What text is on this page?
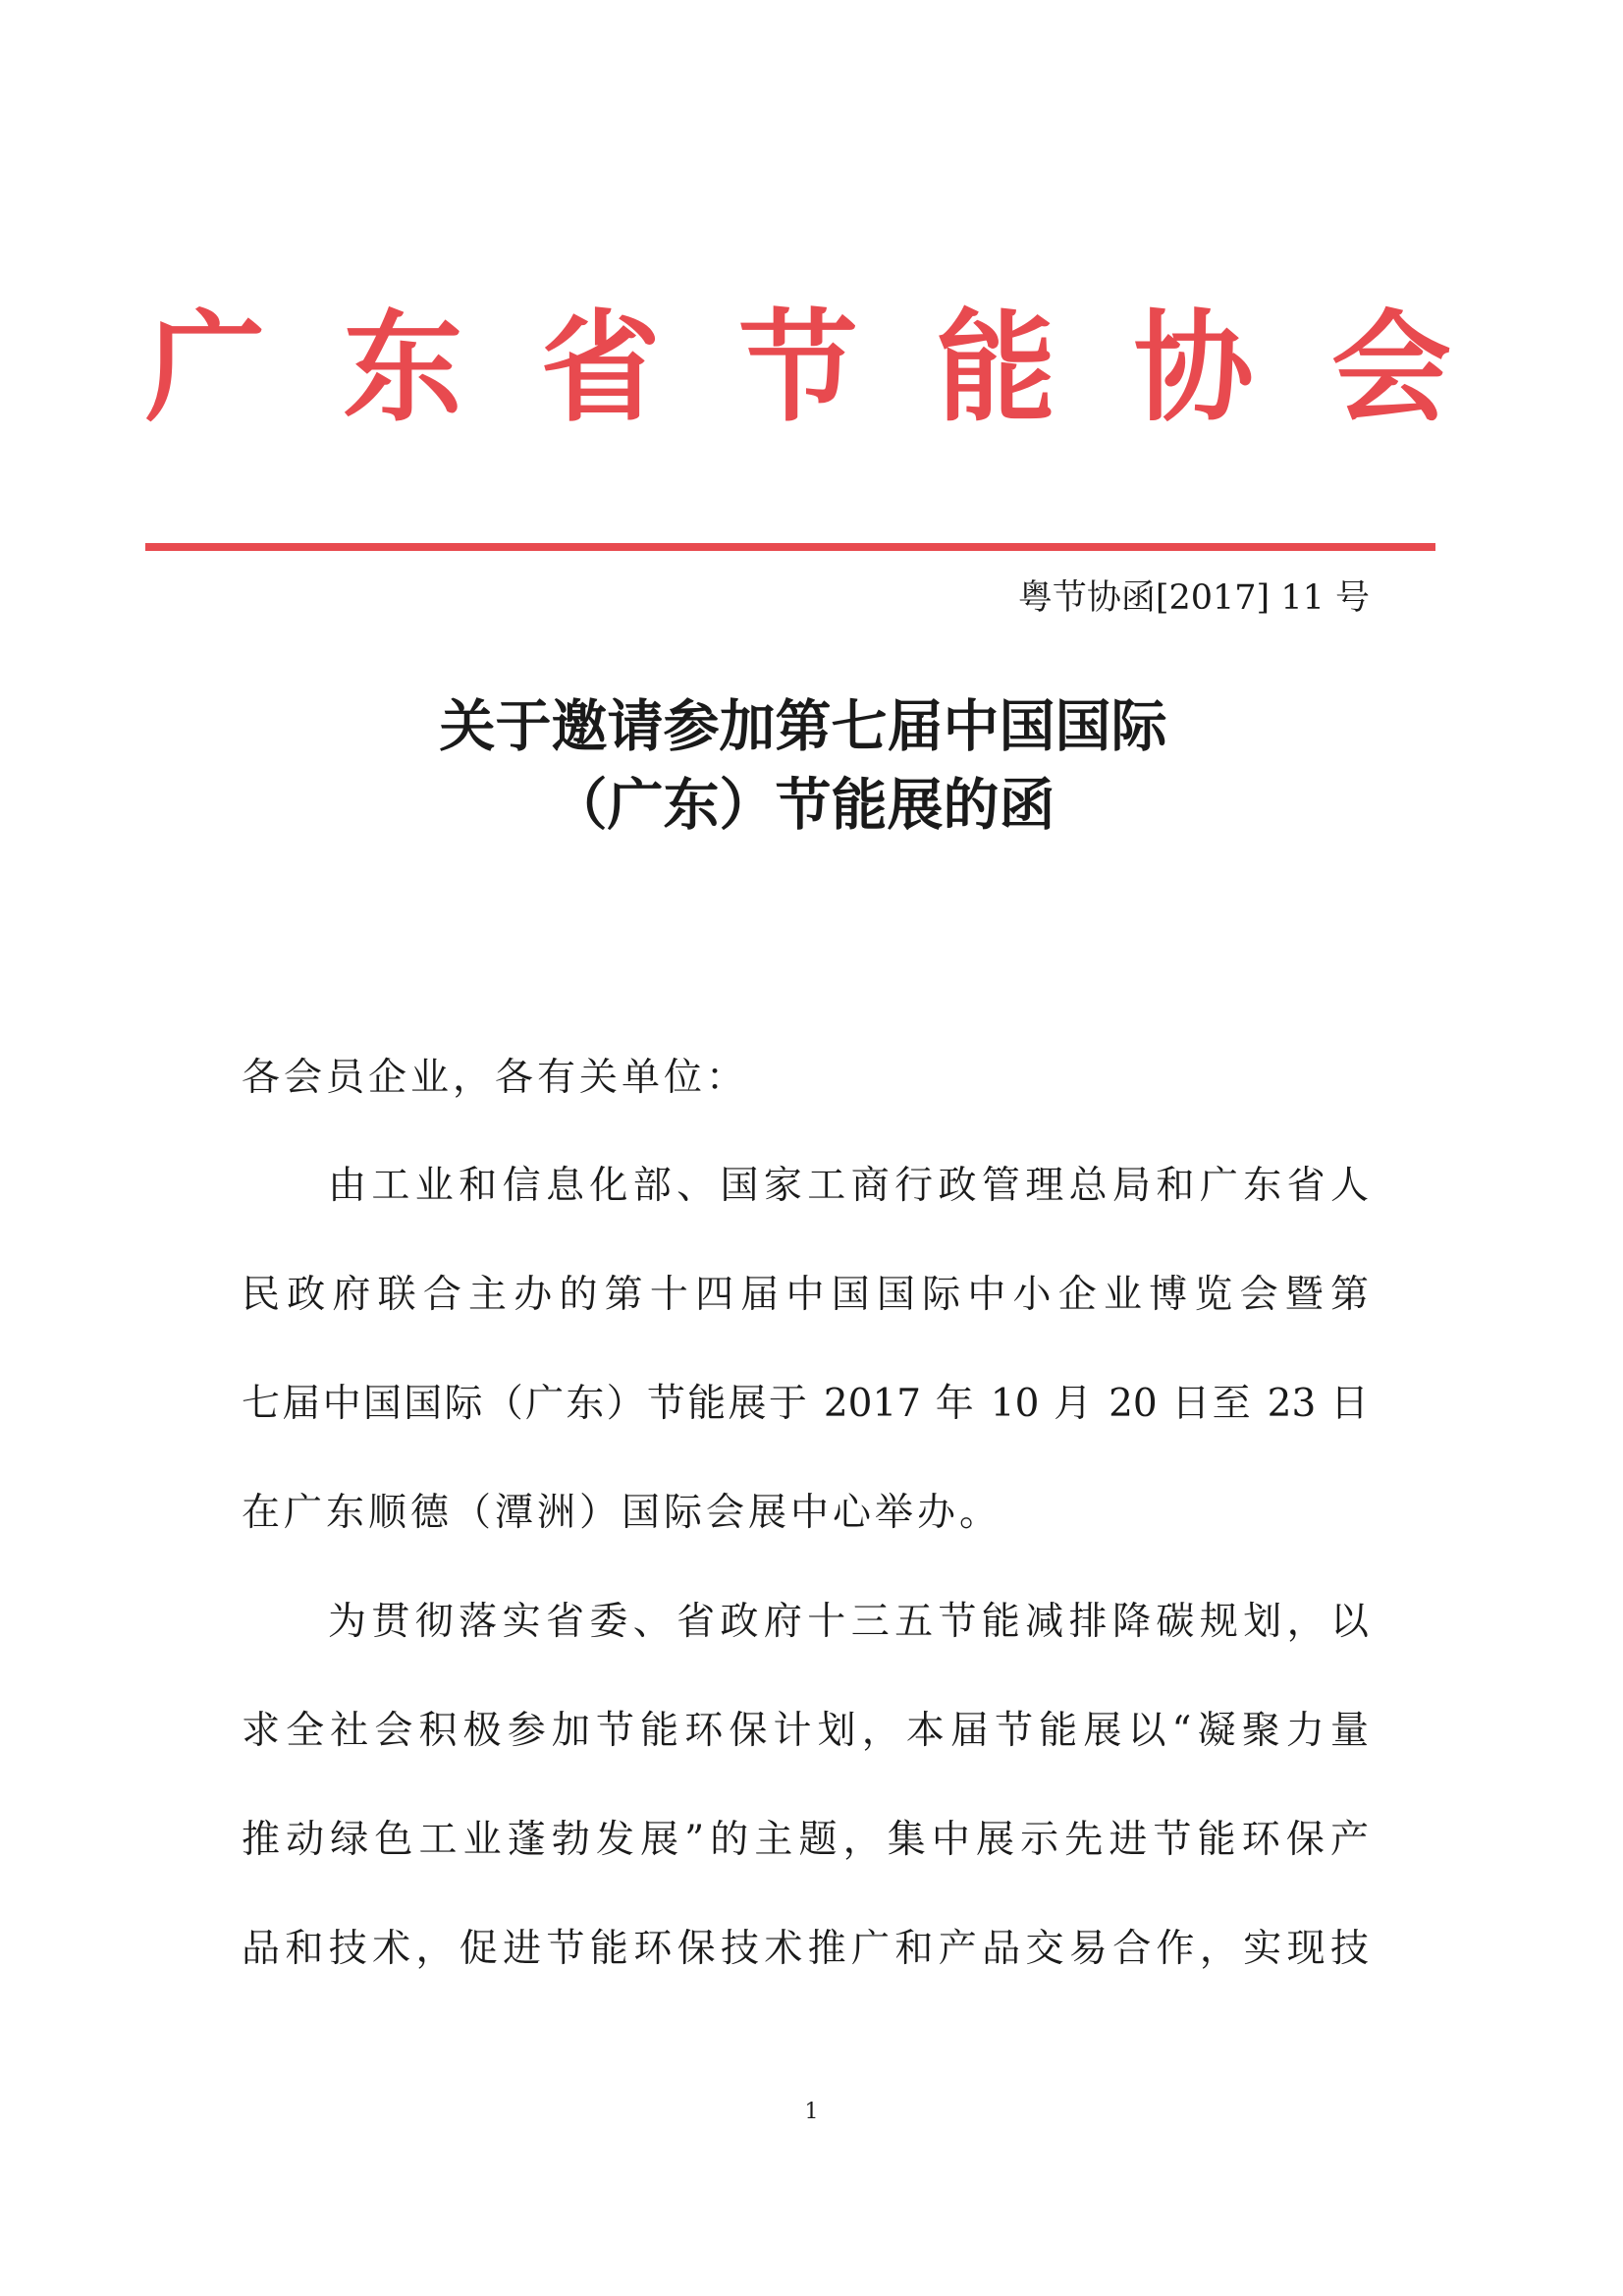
广 东 省 节 能 协 会
粤节协函[2017] 11 号
关于邀请参加第七届中国国际
（广东）节能展的函
各会员企业，各有关单位：
由工业和信息化部、国家工商行政管理总局和广东省人
民政府联合主办的第十四届中国国际中小企业博览会暨第
七届中国国际（广东）节能展于 2017 年 10 月 20 日至 23 日
在广东顺德（潭洲）国际会展中心举办。
为贯彻落实省委、省政府十三五节能减排降碳规划，以
求全社会积极参加节能环保计划，本届节能展以“凝聚力量
推动绿色工业蓬勃发展”的主题，集中展示先进节能环保产
品和技术，促进节能环保技术推广和产品交易合作，实现技
1
